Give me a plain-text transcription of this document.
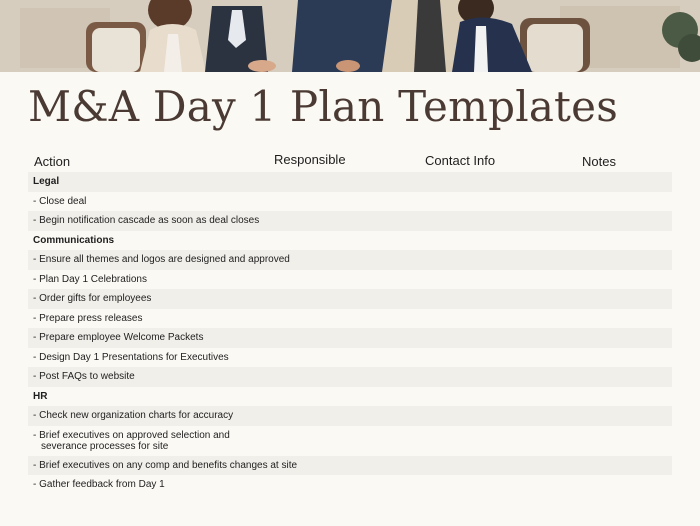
M&A Day 1 Plan Templates
Action	Responsible	Contact Info	Notes
Legal
- Close deal
- Begin notification cascade as soon as deal closes
Communications
- Ensure all themes and logos are designed and approved
- Plan Day 1 Celebrations
- Order gifts for employees
- Prepare press releases
- Prepare employee Welcome Packets
- Design Day 1 Presentations for Executives
- Post FAQs to website
HR
- Check new organization charts for accuracy
- Brief executives on approved selection and
severance processes for site
- Brief executives on any comp and benefits changes at site
- Gather feedback from Day 1
